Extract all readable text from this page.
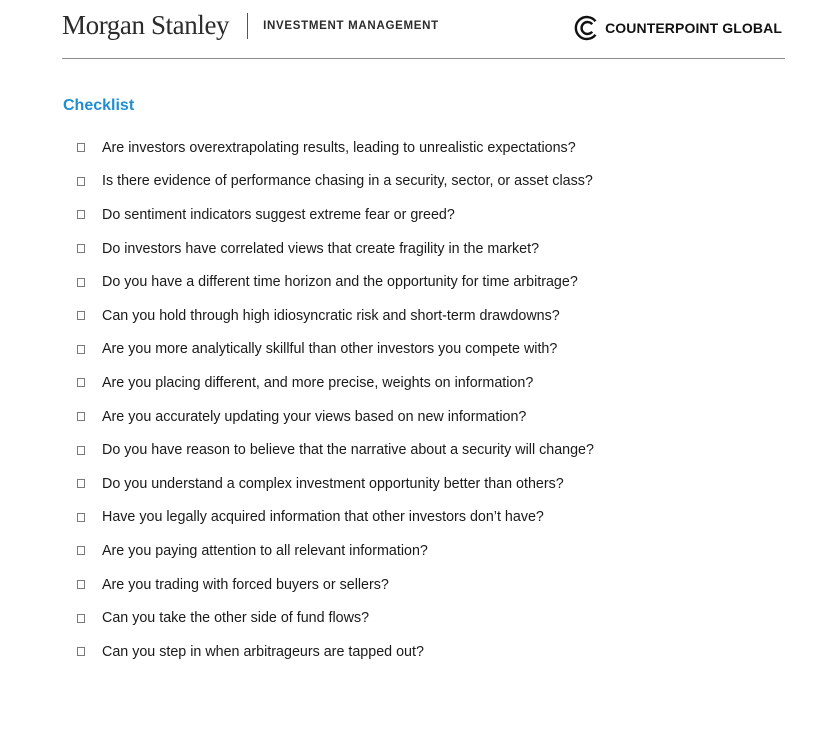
Morgan Stanley	INVESTMENT MANAGEMENT	COUNTERPOINT GLOBAL
Checklist
Are investors overextrapolating results, leading to unrealistic expectations?
Is there evidence of performance chasing in a security, sector, or asset class?
Do sentiment indicators suggest extreme fear or greed?
Do investors have correlated views that create fragility in the market?
Do you have a different time horizon and the opportunity for time arbitrage?
Can you hold through high idiosyncratic risk and short-term drawdowns?
Are you more analytically skillful than other investors you compete with?
Are you placing different, and more precise, weights on information?
Are you accurately updating your views based on new information?
Do you have reason to believe that the narrative about a security will change?
Do you understand a complex investment opportunity better than others?
Have you legally acquired information that other investors don’t have?
Are you paying attention to all relevant information?
Are you trading with forced buyers or sellers?
Can you take the other side of fund flows?
Can you step in when arbitrageurs are tapped out?
